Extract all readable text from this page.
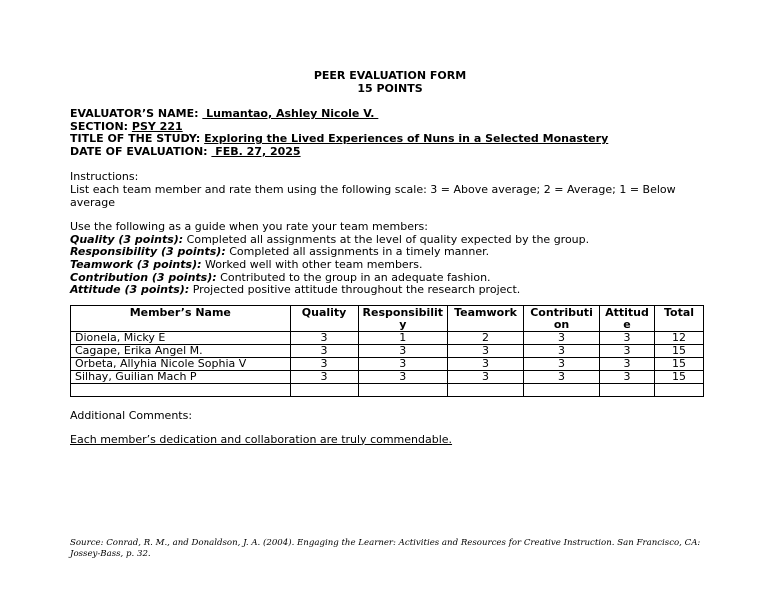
PEER EVALUATION FORM
15 POINTS
EVALUATOR’S NAME:  Lumantao, Ashley Nicole V.
SECTION: PSY 221
TITLE OF THE STUDY: Exploring the Lived Experiences of Nuns in a Selected Monastery
DATE OF EVALUATION:  FEB. 27, 2025
Instructions:
List each team member and rate them using the following scale: 3 = Above average; 2 = Average; 1 = Below average
Use the following as a guide when you rate your team members:
Quality (3 points): Completed all assignments at the level of quality expected by the group.
Responsibility (3 points): Completed all assignments in a timely manner.
Teamwork (3 points): Worked well with other team members.
Contribution (3 points): Contributed to the group in an adequate fashion.
Attitude (3 points): Projected positive attitude throughout the research project.
Member’s Name	Quality	Responsibilit y	Teamwork	Contributi on	Attitud e	Total
Dionela, Micky E	3	1	2	3	3	12
Cagape, Erika Angel M.	3	3	3	3	3	15
Orbeta, Allyhia Nicole Sophia V	3	3	3	3	3	15
Silhay, Guilian Mach P	3	3	3	3	3	15

Additional Comments:
Each member’s dedication and collaboration are truly commendable.
Source: Conrad, R. M., and Donaldson, J. A. (2004). Engaging the Learner: Activities and Resources for Creative Instruction. San Francisco, CA: Jossey-Bass, p. 32.
